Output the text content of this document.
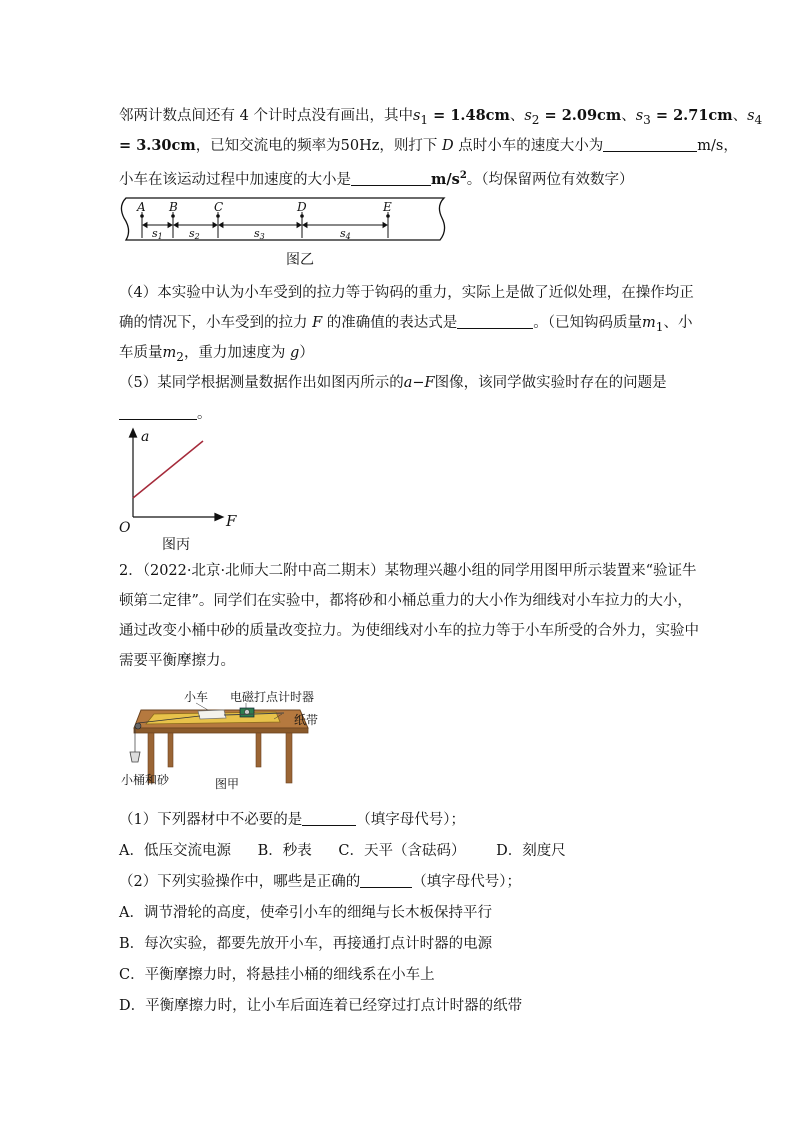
邻两计数点间还有 4 个计时点没有画出，其中$s_1 = 1.48cm$、$s_2 = 2.09cm$、$s_3 = 2.71cm$、$s_4$
= 3.30cm，已知交流电的频率为50Hz，则打下 D 点时小车的速度大小为	m/s，
小车在该运动过程中加速度的大小是	$m/s^2$。（均保留两位有效数字）
A B	C	D	E
s1 s2	s3	s4
图乙
（4）本实验中认为小车受到的拉力等于钩码的重力，实际上是做了近似处理，在操作均正
确的情况下，小车受到的拉力 F 的准确值的表达式是	。（已知钩码质量$m_1$、小
车质量$m_2$，重力加速度为 g）
（5）某同学根据测量数据作出如图丙所示的a−F图像，该同学做实验时存在的问题是
。
a
F
O
图丙
2．（2022·北京·北师大二附中高二期末）某物理兴趣小组的同学用图甲所示装置来“验证牛
顿第二定律”。同学们在实验中，都将砂和小桶总重力的大小作为细线对小车拉力的大小，
通过改变小桶中砂的质量改变拉力。为使细线对小车的拉力等于小车所受的合外力，实验中
需要平衡摩擦力。
小车 电磁打点计时器
纸带
小桶和砂	图甲
（1）下列器材中不必要的是	（填字母代号）；
A．低压交流电源 B．秒表 C．天平（含砝码） D．刻度尺
（2）下列实验操作中，哪些是正确的	（填字母代号）；
A．调节滑轮的高度，使牵引小车的细绳与长木板保持平行
B．每次实验，都要先放开小车，再接通打点计时器的电源
C．平衡摩擦力时，将悬挂小桶的细线系在小车上
D．平衡摩擦力时，让小车后面连着已经穿过打点计时器的纸带
